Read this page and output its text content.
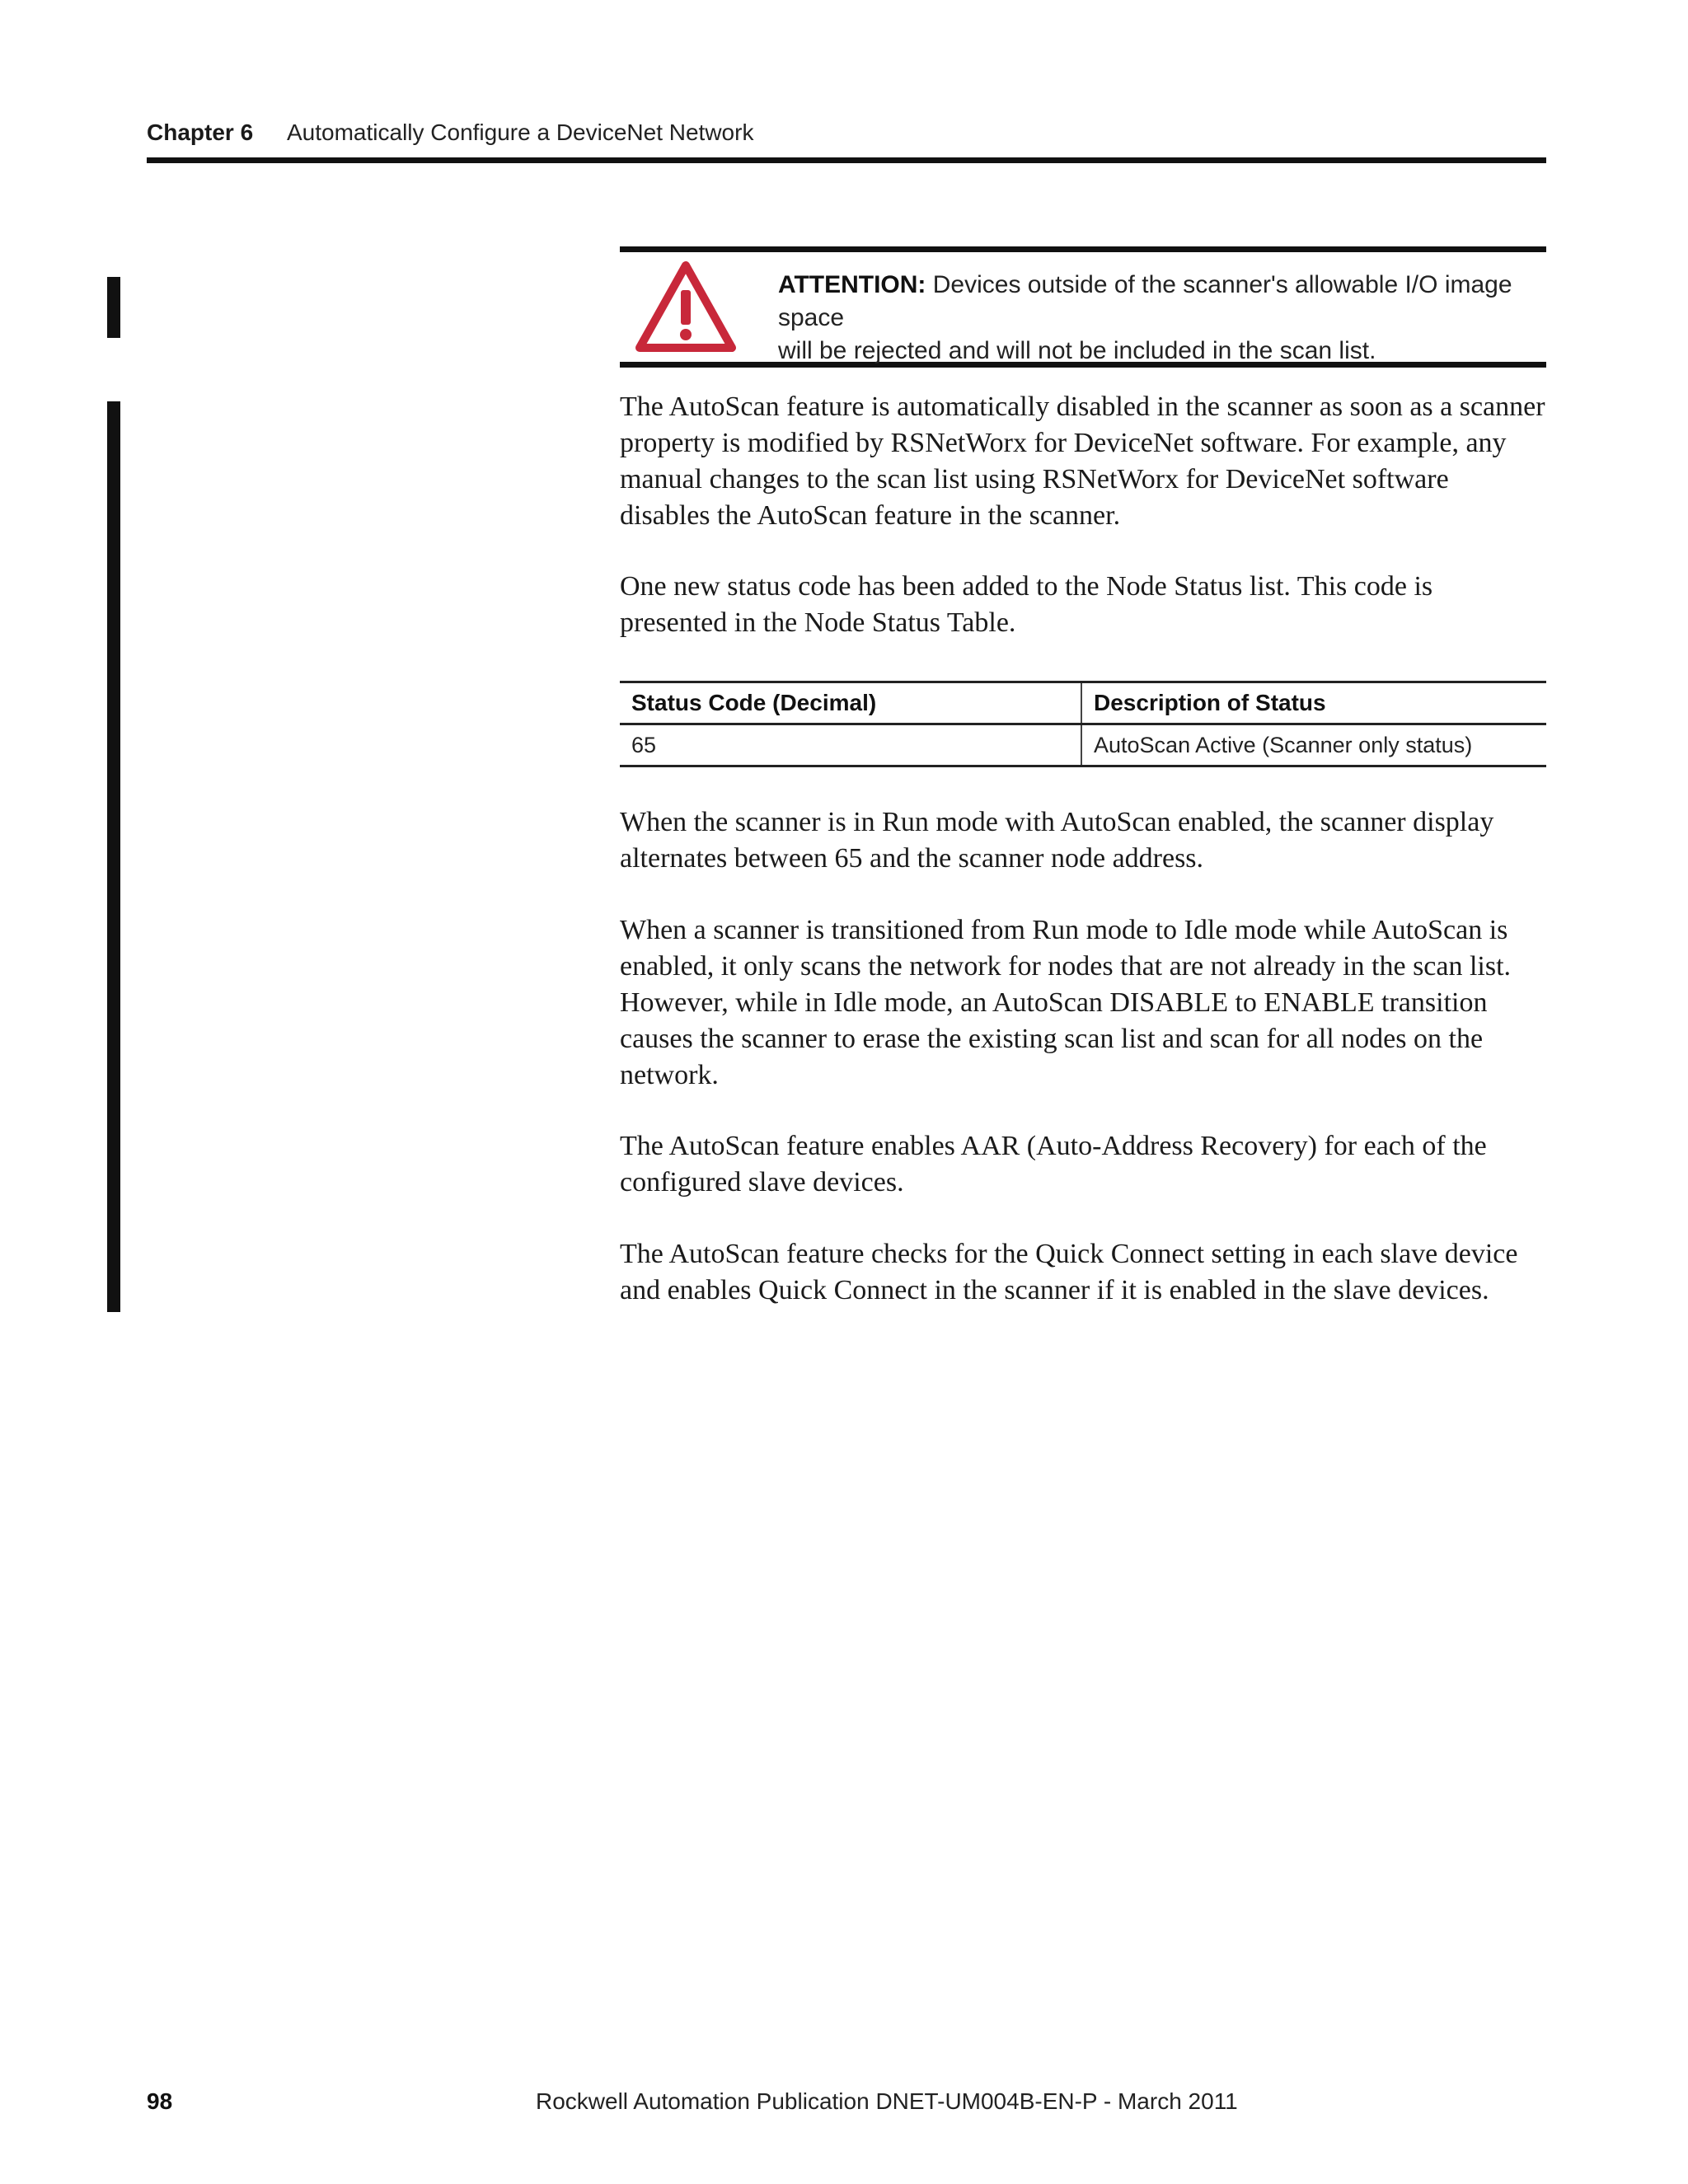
Chapter 6 Automatically Configure a DeviceNet Network
ATTENTION: Devices outside of the scanner's allowable I/O image space
will be rejected and will not be included in the scan list.

The AutoScan feature is automatically disabled in the scanner as soon as a scanner
property is modified by RSNetWorx for DeviceNet software. For example, any
manual changes to the scan list using RSNetWorx for DeviceNet software
disables the AutoScan feature in the scanner.

One new status code has been added to the Node Status list. This code is
presented in the Node Status Table.

Status Code (Decimal)	Description of Status
65	AutoScan Active (Scanner only status)

When the scanner is in Run mode with AutoScan enabled, the scanner display
alternates between 65 and the scanner node address.

When a scanner is transitioned from Run mode to Idle mode while AutoScan is
enabled, it only scans the network for nodes that are not already in the scan list.
However, while in Idle mode, an AutoScan DISABLE to ENABLE transition
causes the scanner to erase the existing scan list and scan for all nodes on the
network.

The AutoScan feature enables AAR (Auto-Address Recovery) for each of the
configured slave devices.

The AutoScan feature checks for the Quick Connect setting in each slave device
and enables Quick Connect in the scanner if it is enabled in the slave devices.

98	Rockwell Automation Publication DNET-UM004B-EN-P - March 2011
